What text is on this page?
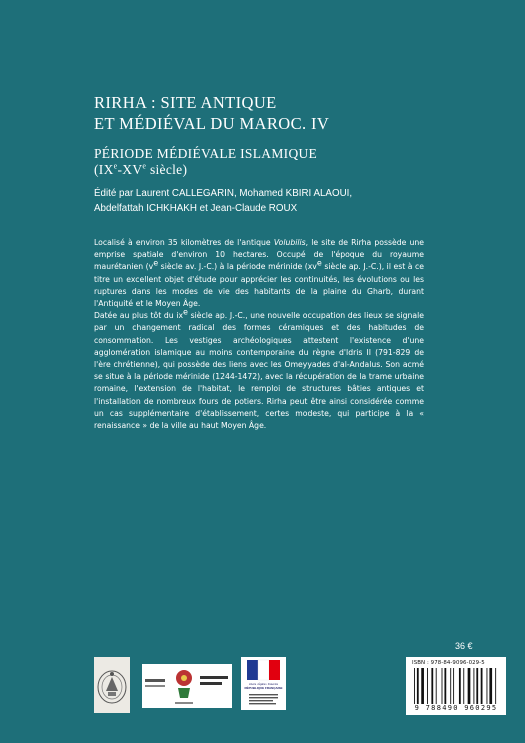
RIRHA : SITE ANTIQUE

ET MÉDIÉVAL DU MAROC. IV

PÉRIODE MÉDIÉVALE ISLAMIQUE
(IXe-XVe siècle)
Édité par Laurent CALLEGARIN, Mohamed KBIRI ALAOUI,
Abdelfattah ICHKHAKH et Jean-Claude ROUX

Localisé à environ 35 kilomètres de l'antique Volubilis, le site de Rirha possède une emprise spatiale d'environ 10 hectares. Occupé de l'époque du royaume maurétanien ($v^e$ siècle av. J.-C.) à la période mérinide ($xv^e$ siècle ap. J.-C.), il est à ce titre un excellent objet d'étude pour apprécier les continuités, les évolutions ou les ruptures dans les modes de vie des habitants de la plaine du Gharb, durant l'Antiquité et le Moyen Âge.

Datée au plus tôt du $ix^e$ siècle ap. J.-C., une nouvelle occupation des lieux se signale par un changement radical des formes céramiques et des habitudes de consommation. Les vestiges archéologiques attestent l'existence d'une agglomération islamique au moins contemporaine du règne d'Idris II (791-829 de l'ère chrétienne), qui possède des liens avec les Omeyyades d'al-Andalus. Son acmé se situe à la période mérinide (1244-1472), avec la récupération de la trame urbaine romaine, l'extension de l'habitat, le remploi de structures bâties antiques et l'installation de nombreux fours de potiers. Rirha peut être ainsi considérée comme un cas supplémentaire d'établissement, certes modeste, qui participe à la « renaissance » de la ville au haut Moyen Âge.

36 €
Liberté • Égalité • Fraternité
RÉPUBLIQUE FRANÇAISE
ISBN : 978-84-9096-029-5
9 788490 960295
